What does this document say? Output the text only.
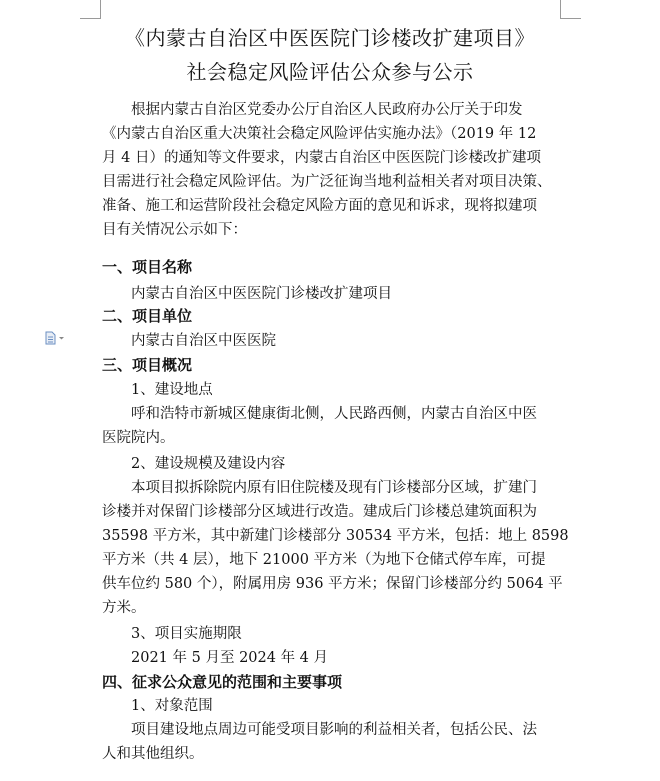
《内蒙古自治区中医医院门诊楼改扩建项目》
社会稳定风险评估公众参与公示

根据内蒙古自治区党委办公厅自治区人民政府办公厅关于印发

《内蒙古自治区重大决策社会稳定风险评估实施办法》（2019 年 12

月 4 日）的通知等文件要求，内蒙古自治区中医医院门诊楼改扩建项

目需进行社会稳定风险评估。为广泛征询当地利益相关者对项目决策、

准备、施工和运营阶段社会稳定风险方面的意见和诉求，现将拟建项

目有关情况公示如下：

一、项目名称

内蒙古自治区中医医院门诊楼改扩建项目

二、项目单位

内蒙古自治区中医医院

三、项目概况

1、建设地点

呼和浩特市新城区健康街北侧，人民路西侧，内蒙古自治区中医

医院院内。

2、建设规模及建设内容

本项目拟拆除院内原有旧住院楼及现有门诊楼部分区域，扩建门

诊楼并对保留门诊楼部分区域进行改造。建成后门诊楼总建筑面积为

35598 平方米，其中新建门诊楼部分 30534 平方米，包括：地上 8598

平方米（共 4 层），地下 21000 平方米（为地下仓储式停车库，可提

供车位约 580 个），附属用房 936 平方米；保留门诊楼部分约 5064 平

方米。

3、项目实施期限

2021 年 5 月至 2024 年 4 月

四、征求公众意见的范围和主要事项

1、对象范围

项目建设地点周边可能受项目影响的利益相关者，包括公民、法

人和其他组织。
